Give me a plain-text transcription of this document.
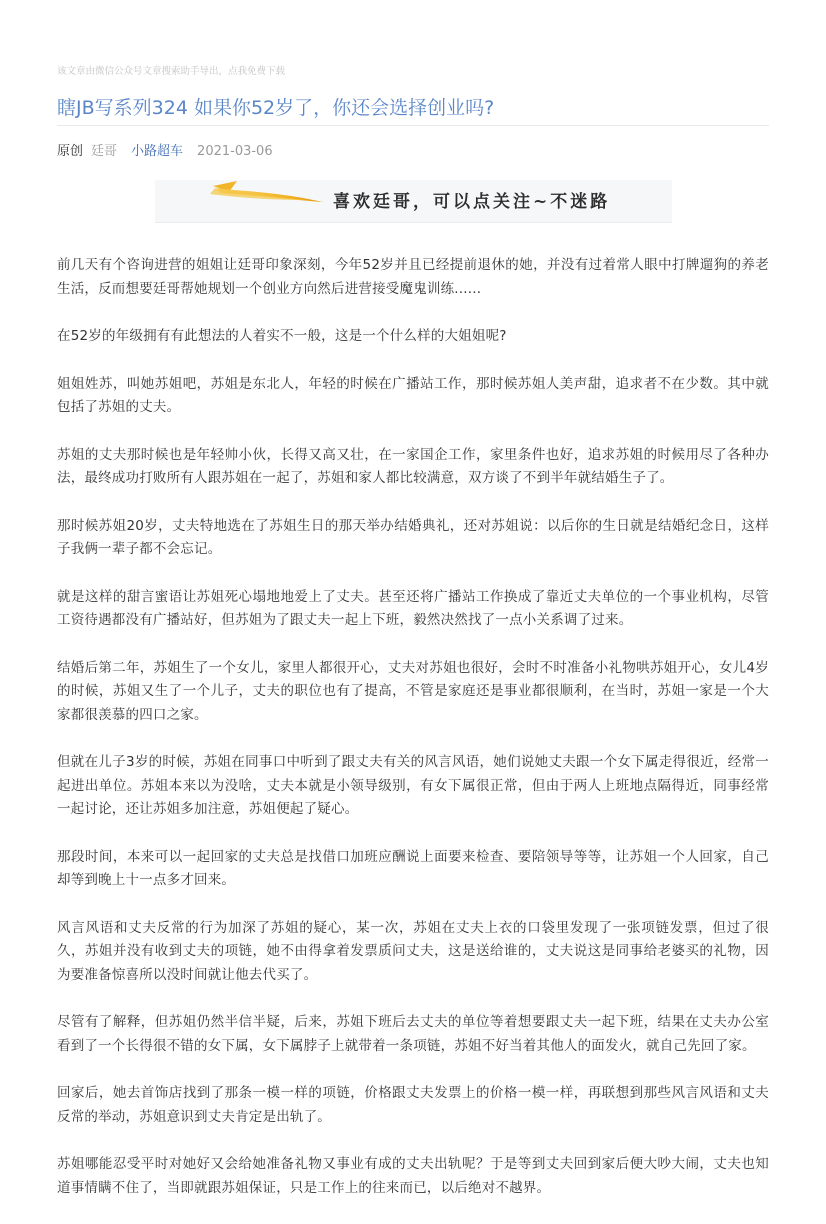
该文章由微信公众号文章搜索助手导出，点我免费下载
瞎JB写系列324 如果你52岁了，你还会选择创业吗?
原创 廷哥 小路超车 2021-03-06
喜欢廷哥，可以点关注~不迷路

前几天有个咨询进营的姐姐让廷哥印象深刻，今年52岁并且已经提前退休的她，并没有过着常人眼中打牌遛狗的养老生活，反而想要廷哥帮她规划一个创业方向然后进营接受魔鬼训练......

在52岁的年级拥有有此想法的人着实不一般，这是一个什么样的大姐姐呢?

姐姐姓苏，叫她苏姐吧，苏姐是东北人，年轻的时候在广播站工作，那时候苏姐人美声甜，追求者不在少数。其中就包括了苏姐的丈夫。

苏姐的丈夫那时候也是年轻帅小伙，长得又高又壮，在一家国企工作，家里条件也好，追求苏姐的时候用尽了各种办法，最终成功打败所有人跟苏姐在一起了，苏姐和家人都比较满意，双方谈了不到半年就结婚生子了。

那时候苏姐20岁，丈夫特地选在了苏姐生日的那天举办结婚典礼，还对苏姐说：以后你的生日就是结婚纪念日，这样子我俩一辈子都不会忘记。

就是这样的甜言蜜语让苏姐死心塌地地爱上了丈夫。甚至还将广播站工作换成了靠近丈夫单位的一个事业机构，尽管工资待遇都没有广播站好，但苏姐为了跟丈夫一起上下班，毅然决然找了一点小关系调了过来。

结婚后第二年，苏姐生了一个女儿，家里人都很开心，丈夫对苏姐也很好，会时不时准备小礼物哄苏姐开心，女儿4岁的时候，苏姐又生了一个儿子，丈夫的职位也有了提高，不管是家庭还是事业都很顺利，在当时，苏姐一家是一个大家都很羡慕的四口之家。

但就在儿子3岁的时候，苏姐在同事口中听到了跟丈夫有关的风言风语，她们说她丈夫跟一个女下属走得很近，经常一起进出单位。苏姐本来以为没啥，丈夫本就是小领导级别，有女下属很正常，但由于两人上班地点隔得近，同事经常一起讨论，还让苏姐多加注意，苏姐便起了疑心。

那段时间，本来可以一起回家的丈夫总是找借口加班应酬说上面要来检查、要陪领导等等，让苏姐一个人回家，自己却等到晚上十一点多才回来。

风言风语和丈夫反常的行为加深了苏姐的疑心，某一次，苏姐在丈夫上衣的口袋里发现了一张项链发票，但过了很久，苏姐并没有收到丈夫的项链，她不由得拿着发票质问丈夫，这是送给谁的，丈夫说这是同事给老婆买的礼物，因为要准备惊喜所以没时间就让他去代买了。

尽管有了解释，但苏姐仍然半信半疑，后来，苏姐下班后去丈夫的单位等着想要跟丈夫一起下班，结果在丈夫办公室看到了一个长得很不错的女下属，女下属脖子上就带着一条项链，苏姐不好当着其他人的面发火，就自己先回了家。

回家后，她去首饰店找到了那条一模一样的项链，价格跟丈夫发票上的价格一模一样，再联想到那些风言风语和丈夫反常的举动，苏姐意识到丈夫肯定是出轨了。

苏姐哪能忍受平时对她好又会给她准备礼物又事业有成的丈夫出轨呢？于是等到丈夫回到家后便大吵大闹，丈夫也知道事情瞒不住了，当即就跟苏姐保证，只是工作上的往来而已，以后绝对不越界。
